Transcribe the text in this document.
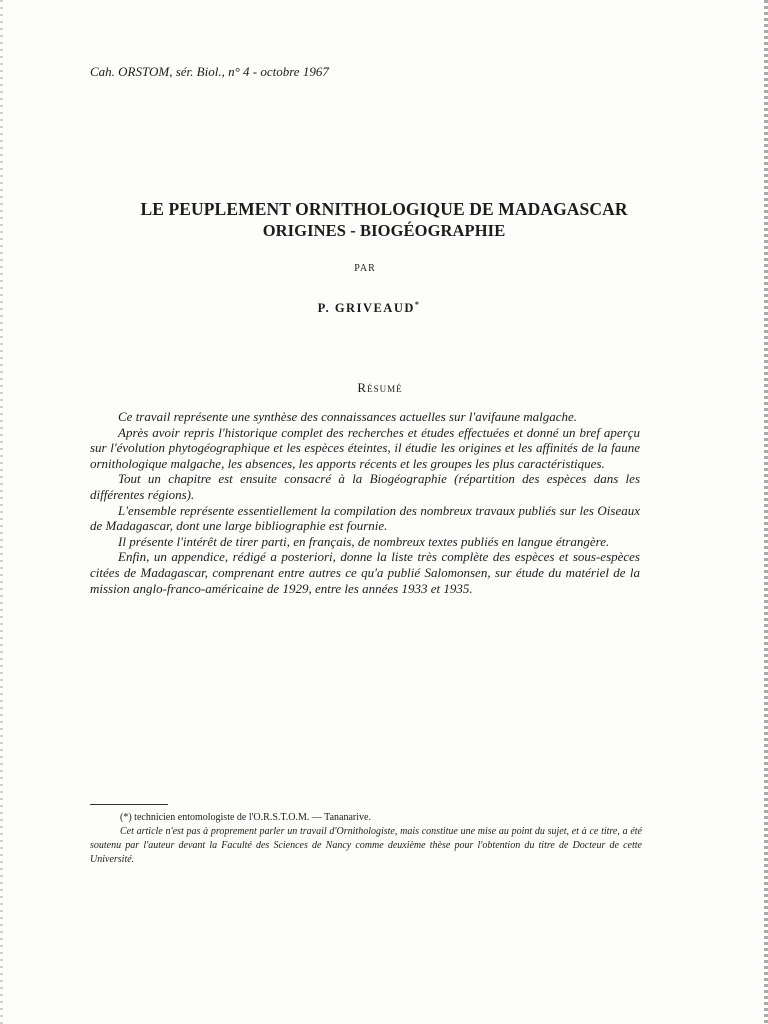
Cah. ORSTOM, sér. Biol., n° 4 - octobre 1967
LE PEUPLEMENT ORNITHOLOGIQUE DE MADAGASCAR
ORIGINES - BIOGÉOGRAPHIE
PAR
P. GRIVEAUD*
Résumé

Ce travail représente une synthèse des connaissances actuelles sur l'avifaune malgache.

Après avoir repris l'historique complet des recherches et études effectuées et donné un bref aperçu sur l'évolution phytogéographique et les espèces éteintes, il étudie les origines et les affinités de la faune ornithologique malgache, les absences, les apports récents et les groupes les plus caractéristiques.

Tout un chapitre est ensuite consacré à la Biogéographie (répartition des espèces dans les différentes régions).

L'ensemble représente essentiellement la compilation des nombreux travaux publiés sur les Oiseaux de Madagascar, dont une large bibliographie est fournie.

Il présente l'intérêt de tirer parti, en français, de nombreux textes publiés en langue étrangère.

Enfin, un appendice, rédigé a posteriori, donne la liste très complète des espèces et sous-espèces citées de Madagascar, comprenant entre autres ce qu'a publié Salomonsen, sur étude du matériel de la mission anglo-franco-américaine de 1929, entre les années 1933 et 1935.

(*) technicien entomologiste de l'O.R.S.T.O.M. — Tananarive.

Cet article n'est pas à proprement parler un travail d'Ornithologiste, mais constitue une mise au point du sujet, et à ce titre, a été soutenu par l'auteur devant la Faculté des Sciences de Nancy comme deuxième thèse pour l'obtention du titre de Docteur de cette Université.
